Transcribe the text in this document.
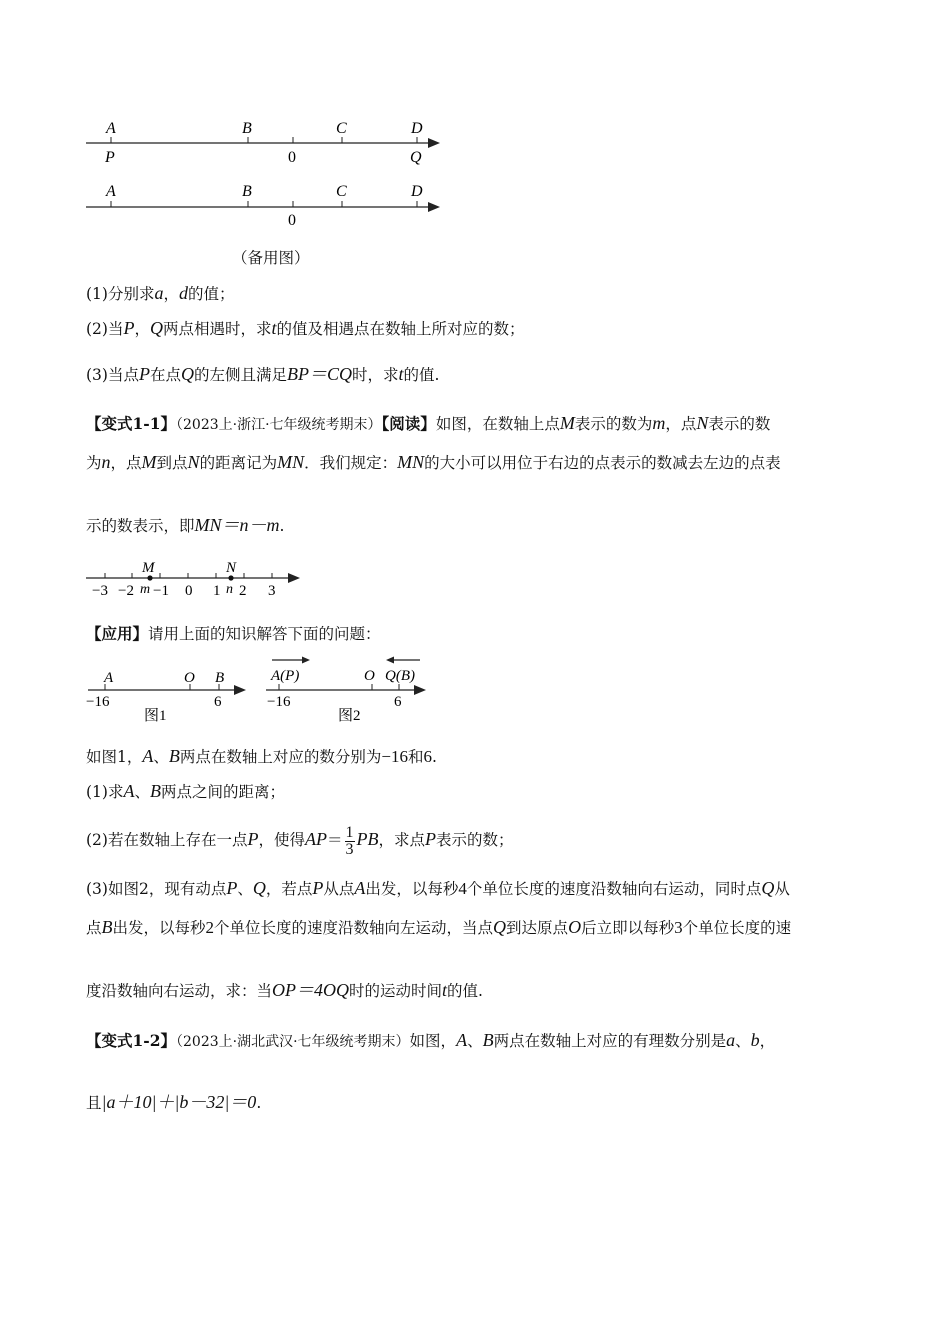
A	B	C	D
P	0	Q
A	B	C	D
0
（备用图）
(1)分别求a，d的值；
(2)当P，Q两点相遇时，求t的值及相遇点在数轴上所对应的数；
(3)当点P在点Q的左侧且满足BP＝CQ时，求t的值.
【变式1-1】（2023上·浙江·七年级统考期末）【阅读】如图，在数轴上点M表示的数为m，点N表示的数
为n，点M到点N的距离记为MN．我们规定：MN的大小可以用位于右边的点表示的数减去左边的点表
示的数表示，即MN＝n－m.
M	N
m	n
−3 −2 −1 0 1 2 3
【应用】请用上面的知识解答下面的问题：
A	O B
−16	6
图1
A(P)	O Q(B)
−16	6
图2
如图1，A、B两点在数轴上对应的数分别为−16和6.
(1)求A、B两点之间的距离；
(2)若在数轴上存在一点P，使得$AP= \frac{1}{3}$ PB，求点P表示的数；
(3)如图2，现有动点P、Q，若点P从点A出发，以每秒4个单位长度的速度沿数轴向右运动，同时点Q从
点B出发，以每秒2个单位长度的速度沿数轴向左运动，当点Q到达原点O后立即以每秒3个单位长度的速
度沿数轴向右运动，求：当OP＝4OQ时的运动时间t的值.
【变式1-2】（2023上·湖北武汉·七年级统考期末）如图，A、B两点在数轴上对应的有理数分别是a、b，
且|a＋10|＋|b－32|＝0.
